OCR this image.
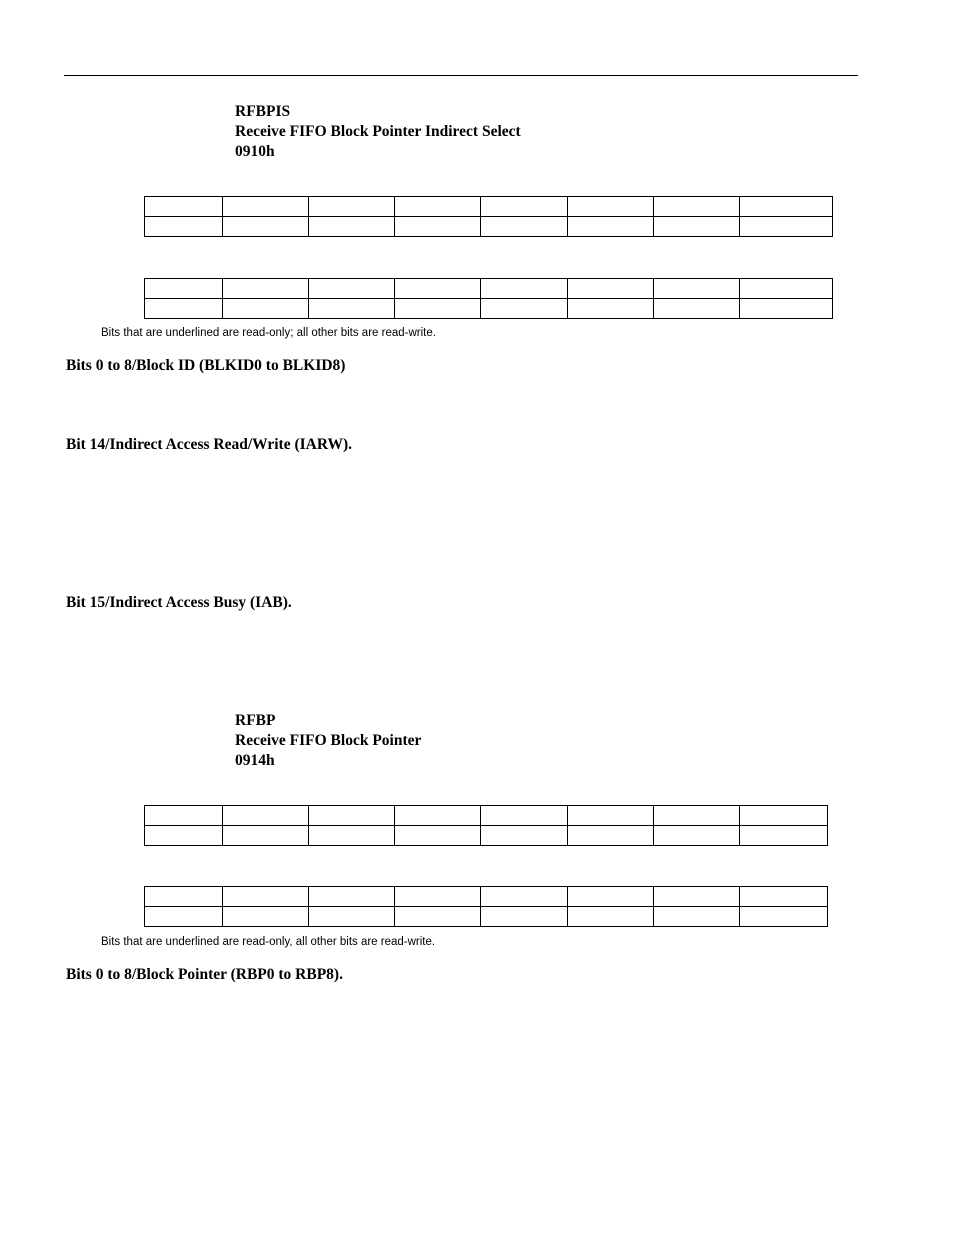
RFBPIS
Receive FIFO Block Pointer Indirect Select
0910h

Bits that are underlined are read-only; all other bits are read-write.
Bits 0 to 8/Block ID (BLKID0 to BLKID8)
Bit 14/Indirect Access Read/Write (IARW).
Bit 15/Indirect Access Busy (IAB).
RFBP
Receive FIFO Block Pointer
0914h

Bits that are underlined are read-only, all other bits are read-write.
Bits 0 to 8/Block Pointer (RBP0 to RBP8).
